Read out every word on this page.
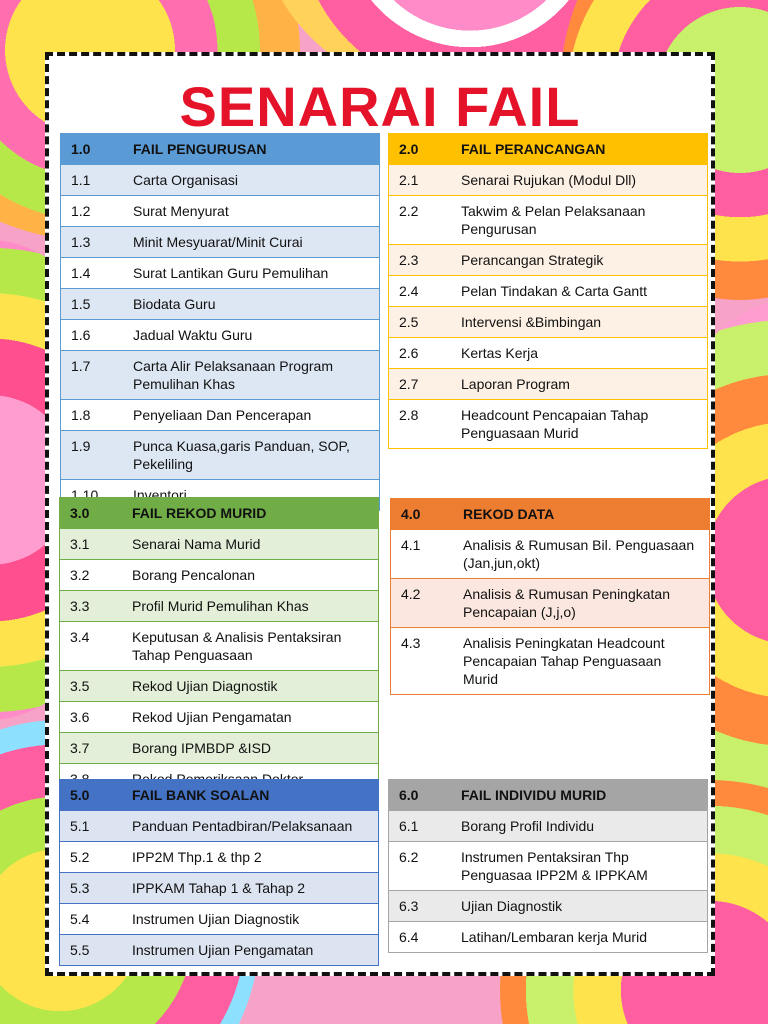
SENARAI FAIL
1.0	FAIL PENGURUSAN
1.1	Carta Organisasi
1.2	Surat Menyurat
1.3	Minit Mesyuarat/Minit Curai
1.4	Surat Lantikan Guru Pemulihan
1.5	Biodata Guru
1.6	Jadual Waktu Guru
1.7	Carta Alir Pelaksanaan Program Pemulihan Khas
1.8	Penyeliaan Dan Pencerapan
1.9	Punca Kuasa,garis Panduan, SOP, Pekeliling
1.10	Inventori
2.0	FAIL PERANCANGAN
2.1	Senarai Rujukan (Modul Dll)
2.2	Takwim & Pelan Pelaksanaan Pengurusan
2.3	Perancangan Strategik
2.4	Pelan Tindakan & Carta Gantt
2.5	Intervensi &Bimbingan
2.6	Kertas Kerja
2.7	Laporan Program
2.8	Headcount Pencapaian Tahap Penguasaan Murid
3.0	FAIL REKOD MURID
3.1	Senarai Nama Murid
3.2	Borang Pencalonan
3.3	Profil Murid Pemulihan Khas
3.4	Keputusan & Analisis Pentaksiran Tahap Penguasaan
3.5	Rekod Ujian Diagnostik
3.6	Rekod Ujian Pengamatan
3.7	Borang IPMBDP &ISD
3.8	Rekod Pemeriksaan Doktor
4.0	REKOD DATA
4.1	Analisis & Rumusan Bil. Penguasaan (Jan,jun,okt)
4.2	Analisis & Rumusan Peningkatan Pencapaian (J,j,o)
4.3	Analisis Peningkatan Headcount Pencapaian Tahap Penguasaan Murid
5.0	FAIL BANK SOALAN
5.1	Panduan Pentadbiran/Pelaksanaan
5.2	IPP2M Thp.1 & thp 2
5.3	IPPKAM Tahap 1 & Tahap 2
5.4	Instrumen Ujian Diagnostik
5.5	Instrumen Ujian Pengamatan
6.0	FAIL INDIVIDU MURID
6.1	Borang Profil Individu
6.2	Instrumen Pentaksiran Thp Penguasaa IPP2M & IPPKAM
6.3	Ujian Diagnostik
6.4	Latihan/Lembaran kerja Murid
